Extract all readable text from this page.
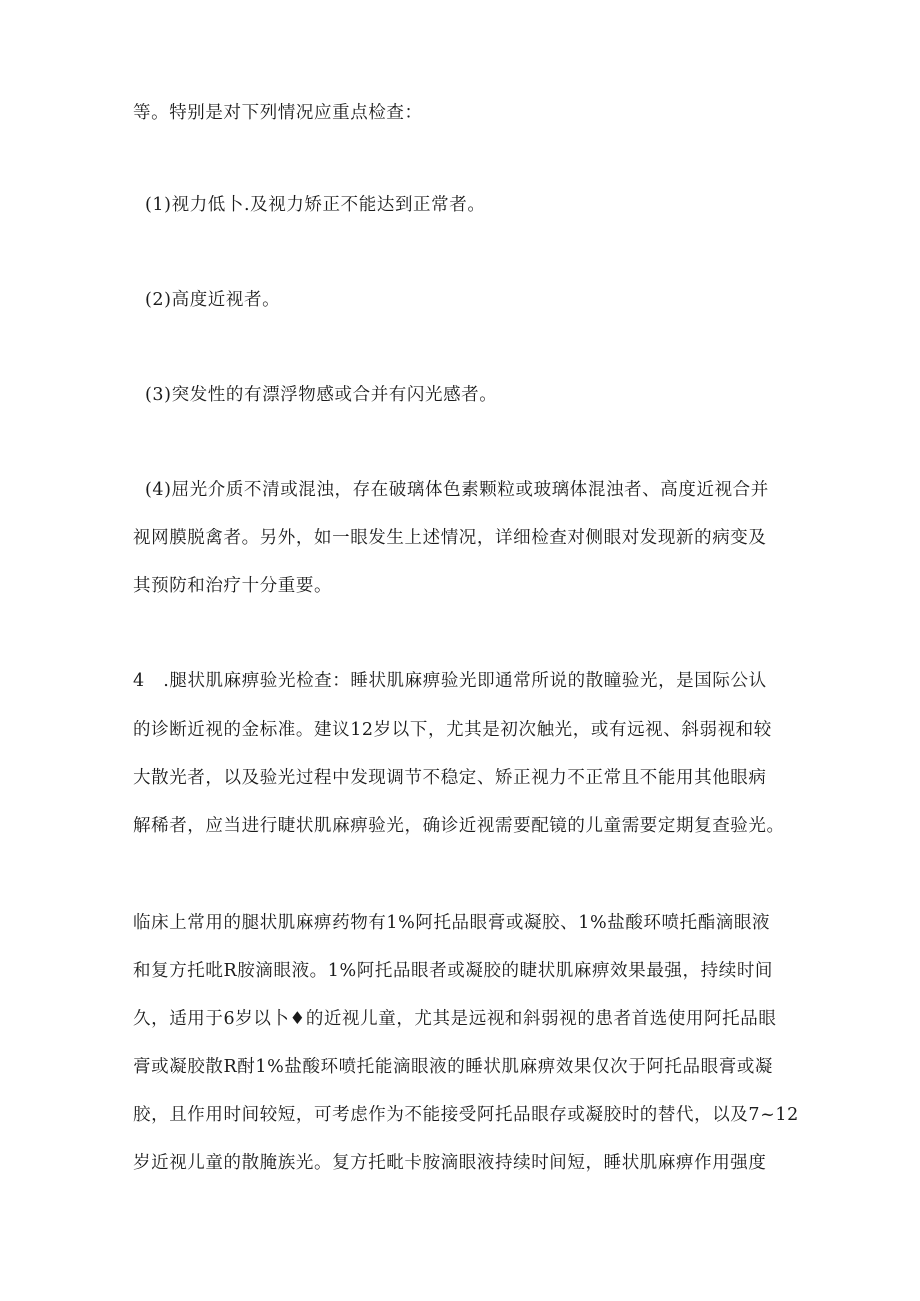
等。特别是对下列情况应重点检查：
(1)视力低卜.及视力矫正不能达到正常者。
(2)高度近视者。
(3)突发性的有漂浮物感或合并有闪光感者。
(4)屈光介质不清或混浊，存在破璃体色素颗粒或玻璃体混浊者、高度近视合并
视网膜脱禽者。另外，如一眼发生上述情况，详细检查对侧眼对发现新的病变及
其预防和治疗十分重要。
4   .腿状肌麻痹验光检查：睡状肌麻痹验光即通常所说的散瞳验光，是国际公认
的诊断近视的金标准。建议12岁以下，尤其是初次触光，或有远视、斜弱视和较
大散光者，以及验光过程中发现调节不稳定、矫正视力不正常且不能用其他眼病
解稀者，应当进行睫状肌麻痹验光，确诊近视需要配镜的儿童需要定期复查验光。
临床上常用的腿状肌麻痹药物有1%阿托品眼膏或凝胶、1%盐酸环喷托酯滴眼液
和复方托吡R胺滴眼液。1%阿托品眼者或凝胶的睫状肌麻痹效果最强，持续时间
久，适用于6岁以卜♦的近视儿童，尤其是远视和斜弱视的患者首选使用阿托品眼
膏或凝胶散R酎1%盐酸环喷托能滴眼液的睡状肌麻痹效果仅次于阿托品眼膏或凝
胶，且作用时间较短，可考虑作为不能接受阿托品眼存或凝胶时的替代，以及7~12
岁近视儿童的散腌族光。复方托毗卡胺滴眼液持续时间短，睡状肌麻痹作用强度
